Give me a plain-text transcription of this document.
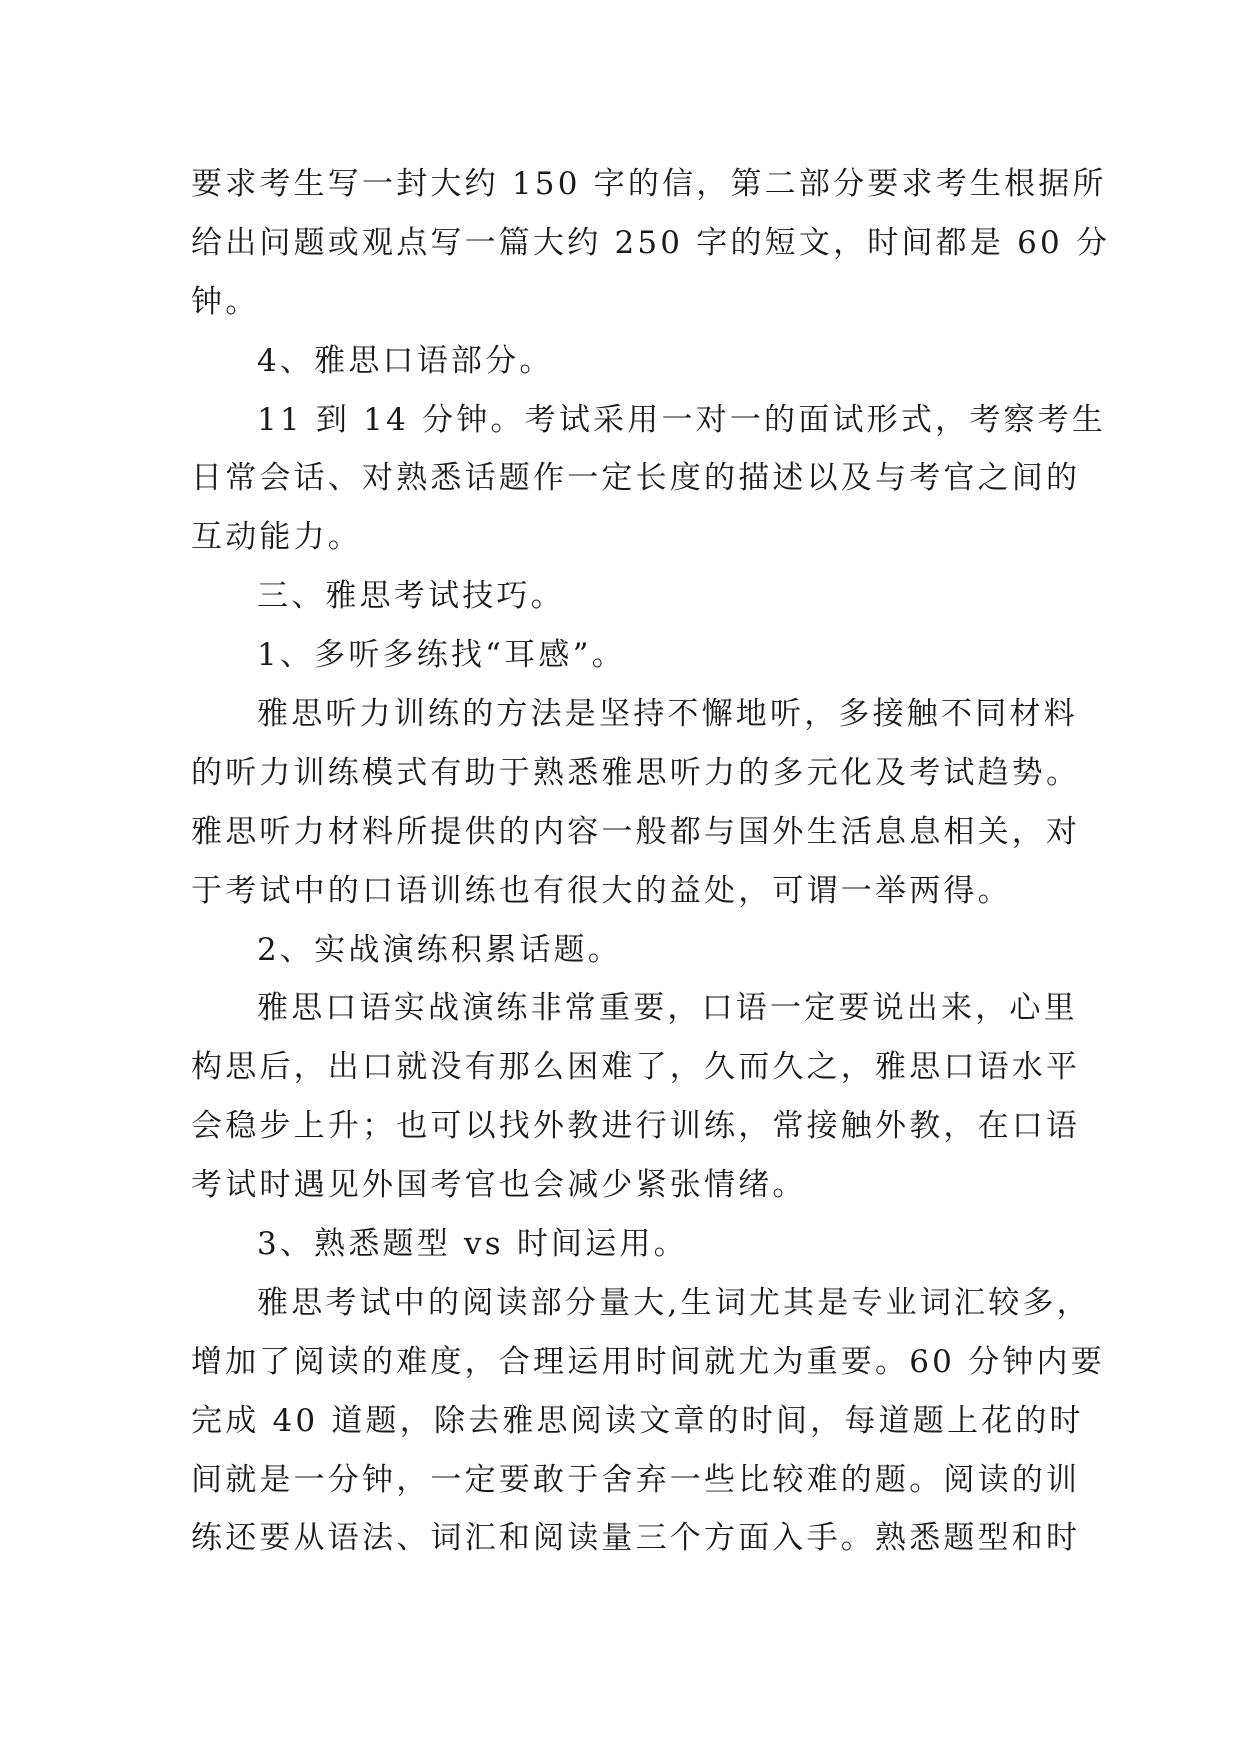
要求考生写一封大约 150 字的信，第二部分要求考生根据所
给出问题或观点写一篇大约 250 字的短文，时间都是 60 分
钟。
4、雅思口语部分。
11 到 14 分钟。考试采用一对一的面试形式，考察考生
日常会话、对熟悉话题作一定长度的描述以及与考官之间的
互动能力。
三、雅思考试技巧。
1、多听多练找“耳感”。
雅思听力训练的方法是坚持不懈地听，多接触不同材料
的听力训练模式有助于熟悉雅思听力的多元化及考试趋势。
雅思听力材料所提供的内容一般都与国外生活息息相关，对
于考试中的口语训练也有很大的益处，可谓一举两得。
2、实战演练积累话题。
雅思口语实战演练非常重要，口语一定要说出来，心里
构思后，出口就没有那么困难了，久而久之，雅思口语水平
会稳步上升；也可以找外教进行训练，常接触外教，在口语
考试时遇见外国考官也会减少紧张情绪。
3、熟悉题型 vs 时间运用。
雅思考试中的阅读部分量大,生词尤其是专业词汇较多，
增加了阅读的难度，合理运用时间就尤为重要。60 分钟内要
完成 40 道题，除去雅思阅读文章的时间，每道题上花的时
间就是一分钟，一定要敢于舍弃一些比较难的题。阅读的训
练还要从语法、词汇和阅读量三个方面入手。熟悉题型和时
